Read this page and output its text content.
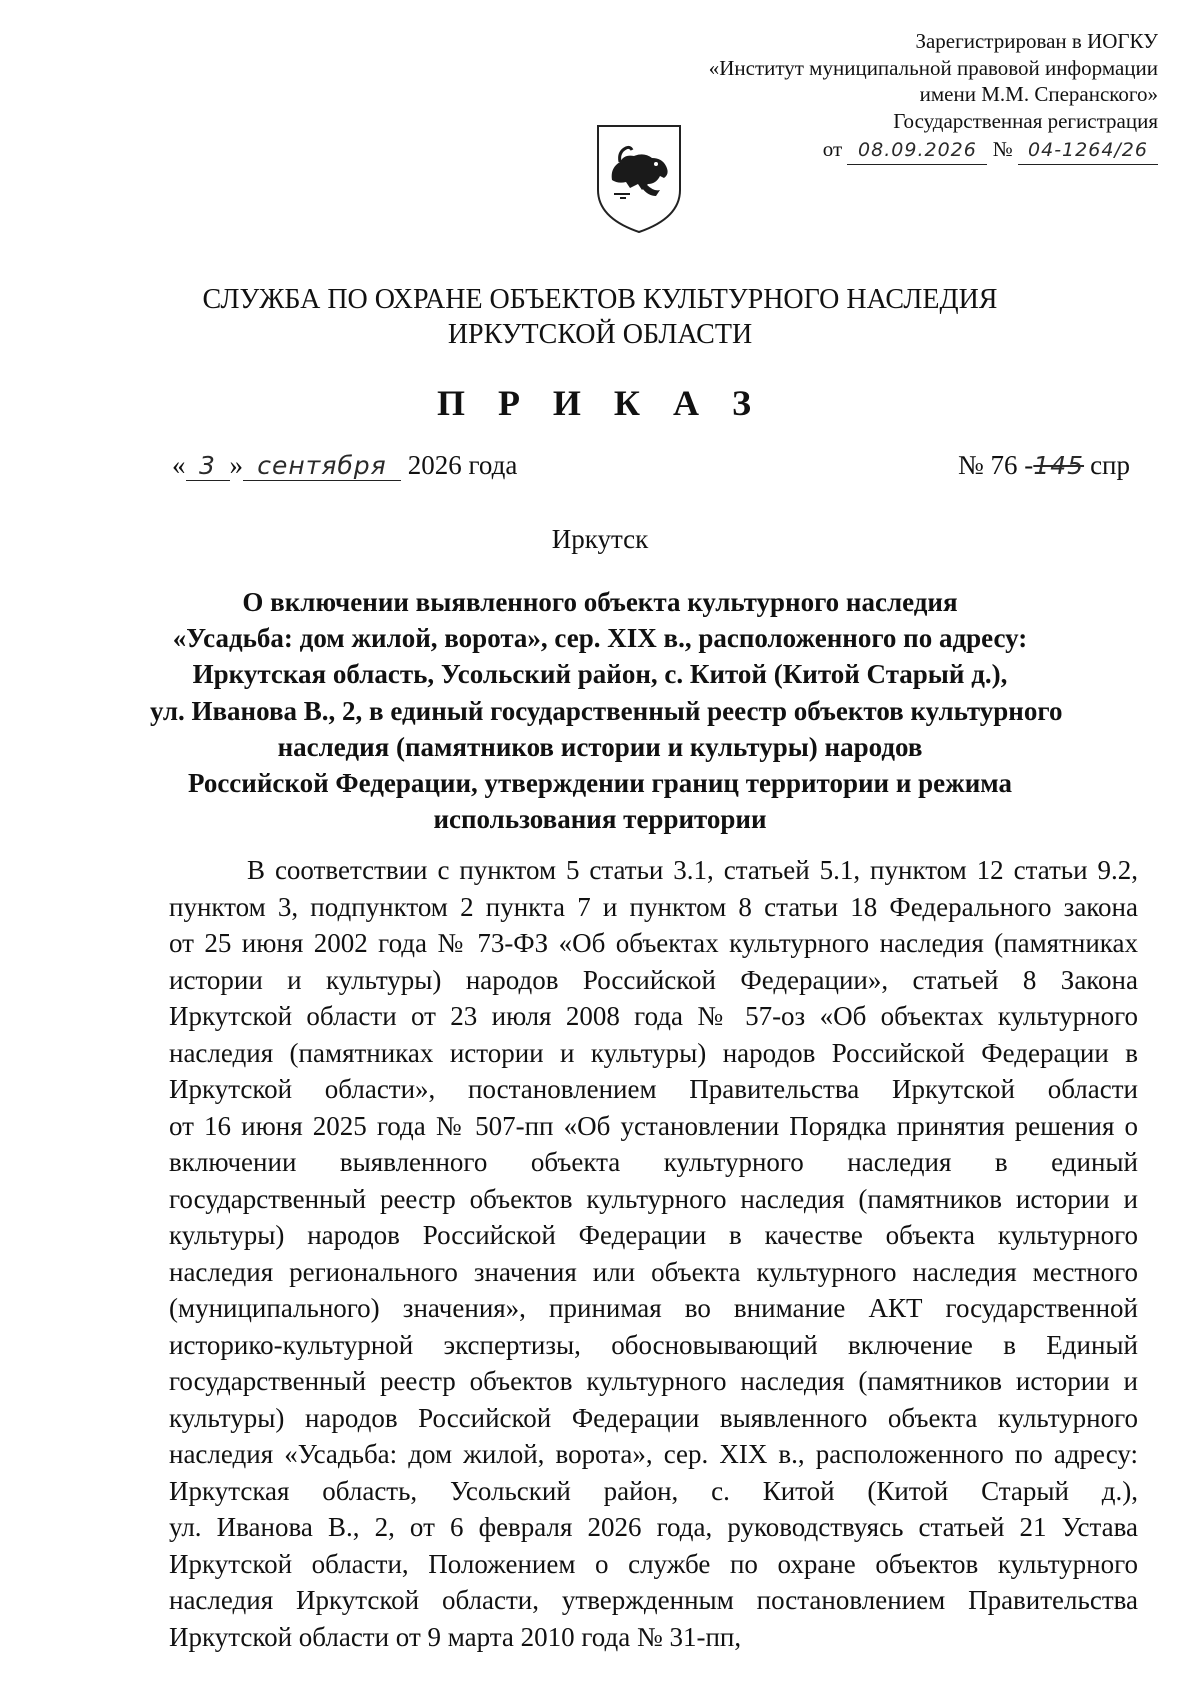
Зарегистрирован в ИОГКУ
«Институт муниципальной правовой информации
имени М.М. Сперанского»
Государственная регистрация
от 08.09.2026 № 04-1264/26
СЛУЖБА ПО ОХРАНЕ ОБЪЕКТОВ КУЛЬТУРНОГО НАСЛЕДИЯ
ИРКУТСКОЙ ОБЛАСТИ
П Р И К А З
« 3 » сентября 2026 года	№ 76 -145 спр
Иркутск
О включении выявленного объекта культурного наследия
«Усадьба: дом жилой, ворота», сер. XIX в., расположенного по адресу:
Иркутская область, Усольский район, с. Китой (Китой Старый д.),
ул. Иванова В., 2, в единый государственный реестр объектов культурного
наследия (памятников истории и культуры) народов
Российской Федерации, утверждении границ территории и режима
использования территории
В соответствии с пунктом 5 статьи 3.1, статьей 5.1, пунктом 12 статьи 9.2,
пунктом 3, подпунктом 2 пункта 7 и пунктом 8 статьи 18 Федерального закона
от 25 июня 2002 года № 73-ФЗ «Об объектах культурного наследия (памятниках
истории и культуры) народов Российской Федерации», статьей 8 Закона
Иркутской области от 23 июля 2008 года № 57-оз «Об объектах культурного
наследия (памятниках истории и культуры) народов Российской Федерации в
Иркутской области», постановлением Правительства Иркутской области
от 16 июня 2025 года № 507-пп «Об установлении Порядка принятия решения о
включении выявленного объекта культурного наследия в единый
государственный реестр объектов культурного наследия (памятников истории и
культуры) народов Российской Федерации в качестве объекта культурного
наследия регионального значения или объекта культурного наследия местного
(муниципального) значения», принимая во внимание АКТ государственной
историко-культурной экспертизы, обосновывающий включение в Единый
государственный реестр объектов культурного наследия (памятников истории и
культуры) народов Российской Федерации выявленного объекта культурного
наследия «Усадьба: дом жилой, ворота», сер. XIX в., расположенного по адресу:
Иркутская область, Усольский район, с. Китой (Китой Старый д.),
ул. Иванова В., 2, от 6 февраля 2026 года, руководствуясь статьей 21 Устава
Иркутской области, Положением о службе по охране объектов культурного
наследия Иркутской области, утвержденным постановлением Правительства
Иркутской области от 9 марта 2010 года № 31-пп,
